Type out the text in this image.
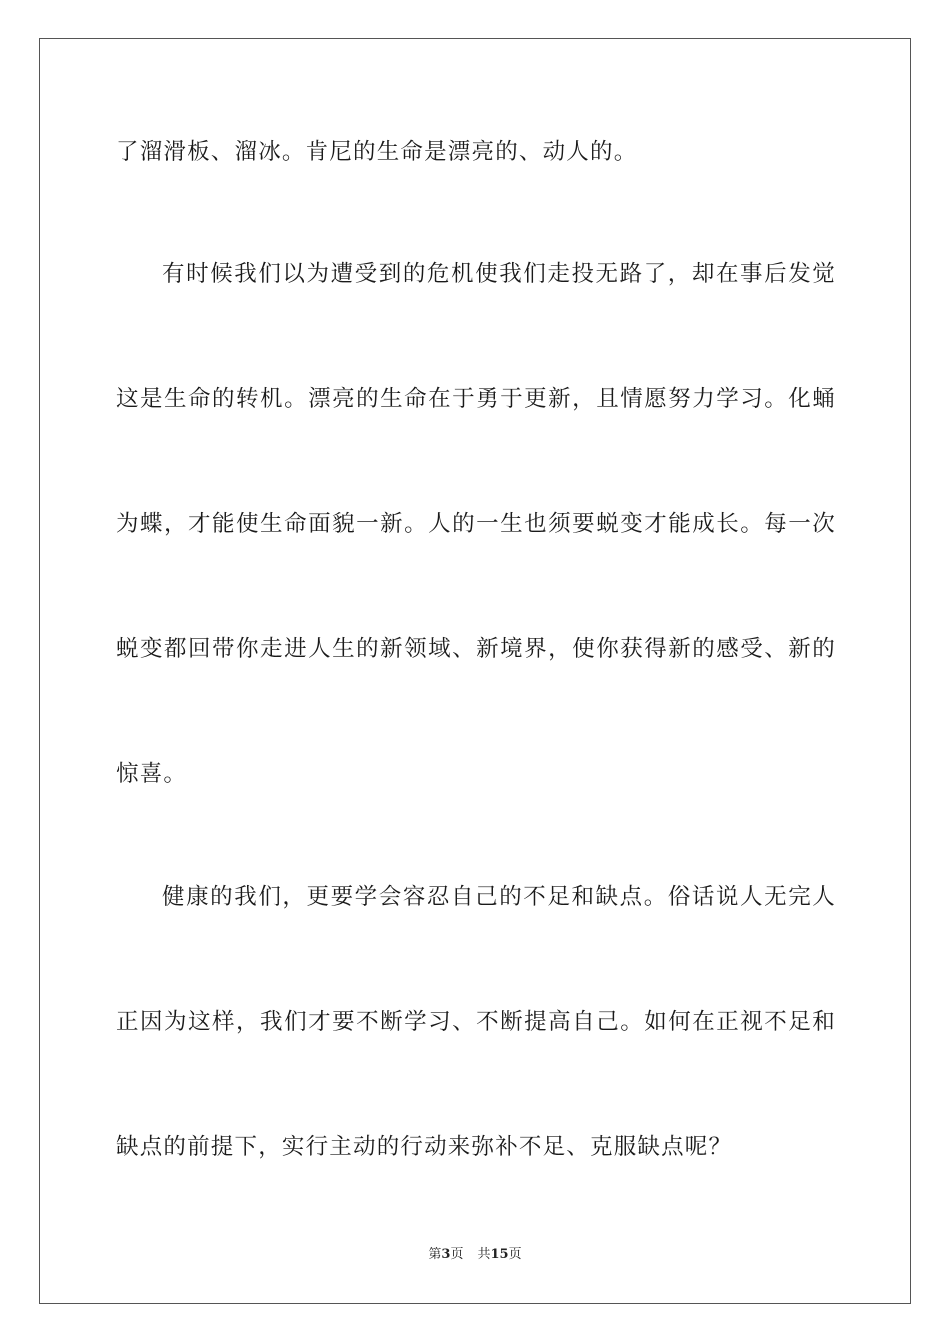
了溜滑板、溜冰。肯尼的生命是漂亮的、动人的。
有时候我们以为遭受到的危机使我们走投无路了，却在事后发觉
这是生命的转机。漂亮的生命在于勇于更新，且情愿努力学习。化蛹
为蝶，才能使生命面貌一新。人的一生也须要蜕变才能成长。每一次
蜕变都回带你走进人生的新领域、新境界，使你获得新的感受、新的
惊喜。
健康的我们，更要学会容忍自己的不足和缺点。俗话说人无完人
正因为这样，我们才要不断学习、不断提高自己。如何在正视不足和
缺点的前提下，实行主动的行动来弥补不足、克服缺点呢？
第3页 共15页
